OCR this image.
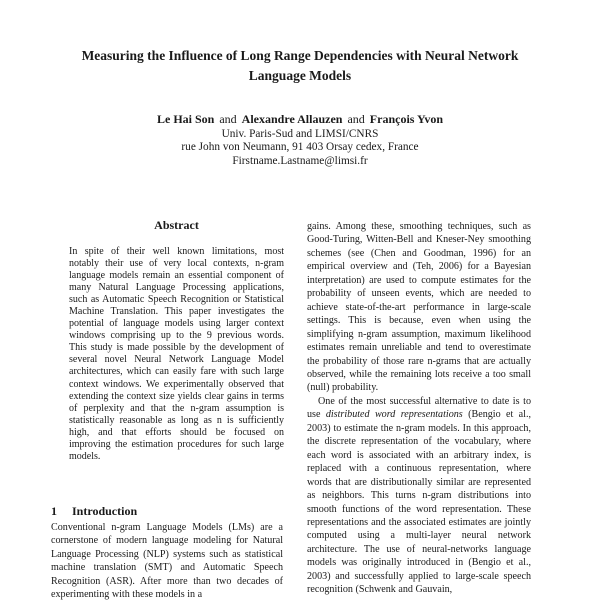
Measuring the Influence of Long Range Dependencies with Neural Network Language Models
Le Hai Son and Alexandre Allauzen and François Yvon
Univ. Paris-Sud and LIMSI/CNRS
rue John von Neumann, 91 403 Orsay cedex, France
Firstname.Lastname@limsi.fr
Abstract
In spite of their well known limitations, most notably their use of very local contexts, n-gram language models remain an essential component of many Natural Language Processing applications, such as Automatic Speech Recognition or Statistical Machine Translation. This paper investigates the potential of language models using larger context windows comprising up to the 9 previous words. This study is made possible by the development of several novel Neural Network Language Model architectures, which can easily fare with such large context windows. We experimentally observed that extending the context size yields clear gains in terms of perplexity and that the n-gram assumption is statistically reasonable as long as n is sufficiently high, and that efforts should be focused on improving the estimation procedures for such large models.
1 Introduction
Conventional n-gram Language Models (LMs) are a cornerstone of modern language modeling for Natural Language Processing (NLP) systems such as statistical machine translation (SMT) and Automatic Speech Recognition (ASR). After more than two decades of experimenting with these models in a

gains. Among these, smoothing techniques, such as Good-Turing, Witten-Bell and Kneser-Ney smoothing schemes (see (Chen and Goodman, 1996) for an empirical overview and (Teh, 2006) for a Bayesian interpretation) are used to compute estimates for the probability of unseen events, which are needed to achieve state-of-the-art performance in large-scale settings. This is because, even when using the simplifying n-gram assumption, maximum likelihood estimates remain unreliable and tend to overestimate the probability of those rare n-grams that are actually observed, while the remaining lots receive a too small (null) probability.

One of the most successful alternative to date is to use distributed word representations (Bengio et al., 2003) to estimate the n-gram models. In this approach, the discrete representation of the vocabulary, where each word is associated with an arbitrary index, is replaced with a continuous representation, where words that are distributionally similar are represented as neighbors. This turns n-gram distributions into smooth functions of the word representation. These representations and the associated estimates are jointly computed using a multi-layer neural network architecture. The use of neural-networks language models was originally introduced in (Bengio et al., 2003) and successfully applied to large-scale speech recognition (Schwenk and Gauvain,
